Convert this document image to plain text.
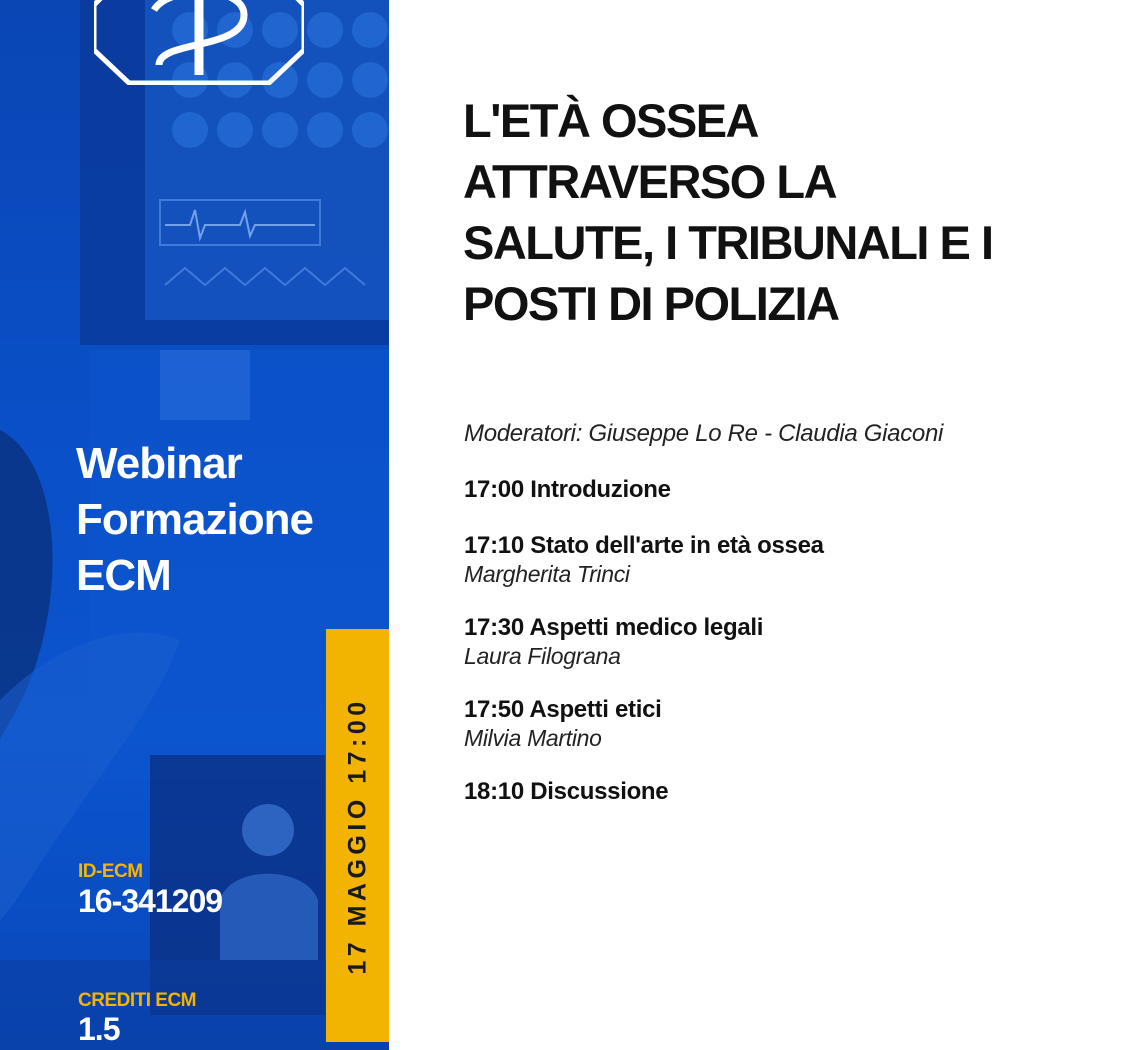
Webinar
Formazione
ECM
ID-ECM
16-341209
CREDITI ECM
1.5
17 MAGGIO 17:00
L'ETÀ OSSEA
ATTRAVERSO LA
SALUTE, I TRIBUNALI E I
POSTI DI POLIZIA
Moderatori: Giuseppe Lo Re - Claudia Giaconi
17:00 Introduzione
17:10 Stato dell'arte in età ossea
Margherita Trinci
17:30 Aspetti medico legali
Laura Filograna
17:50 Aspetti etici
Milvia Martino
18:10 Discussione
